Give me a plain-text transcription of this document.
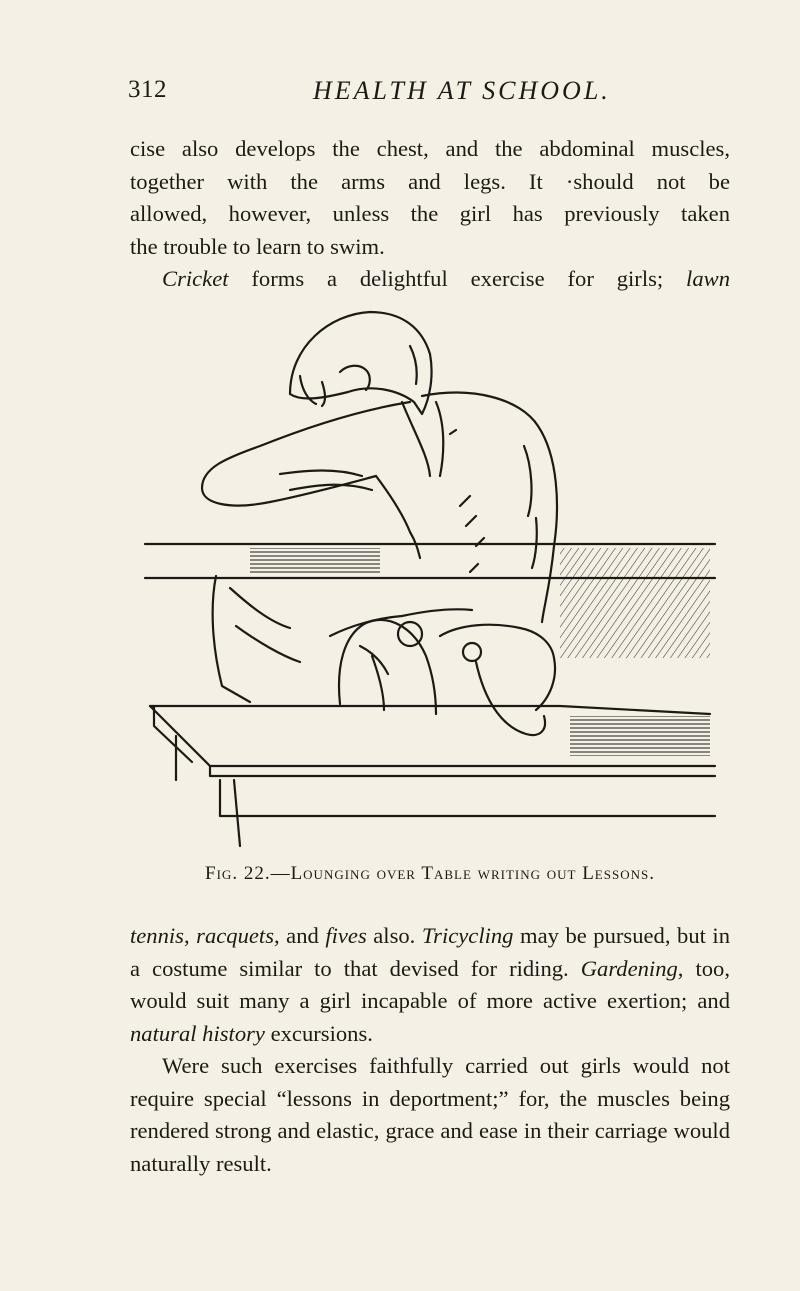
312	HEALTH AT SCHOOL.

cise also develops the chest, and the abdominal muscles,

together with the arms and legs. It ·should not be

allowed, however, unless the girl has previously taken

the trouble to learn to swim.

Cricket forms a delightful exercise for girls; lawn

Fig. 22.—Lounging over Table writing out Lessons.

tennis, racquets, and fives also. Tricycling may be pursued, but in a costume similar to that devised for riding. Gardening, too, would suit many a girl incapable of more active exertion; and natural history excursions.

Were such exercises faithfully carried out girls would not require special “lessons in deportment;” for, the muscles being rendered strong and elastic, grace and ease in their carriage would naturally result.
